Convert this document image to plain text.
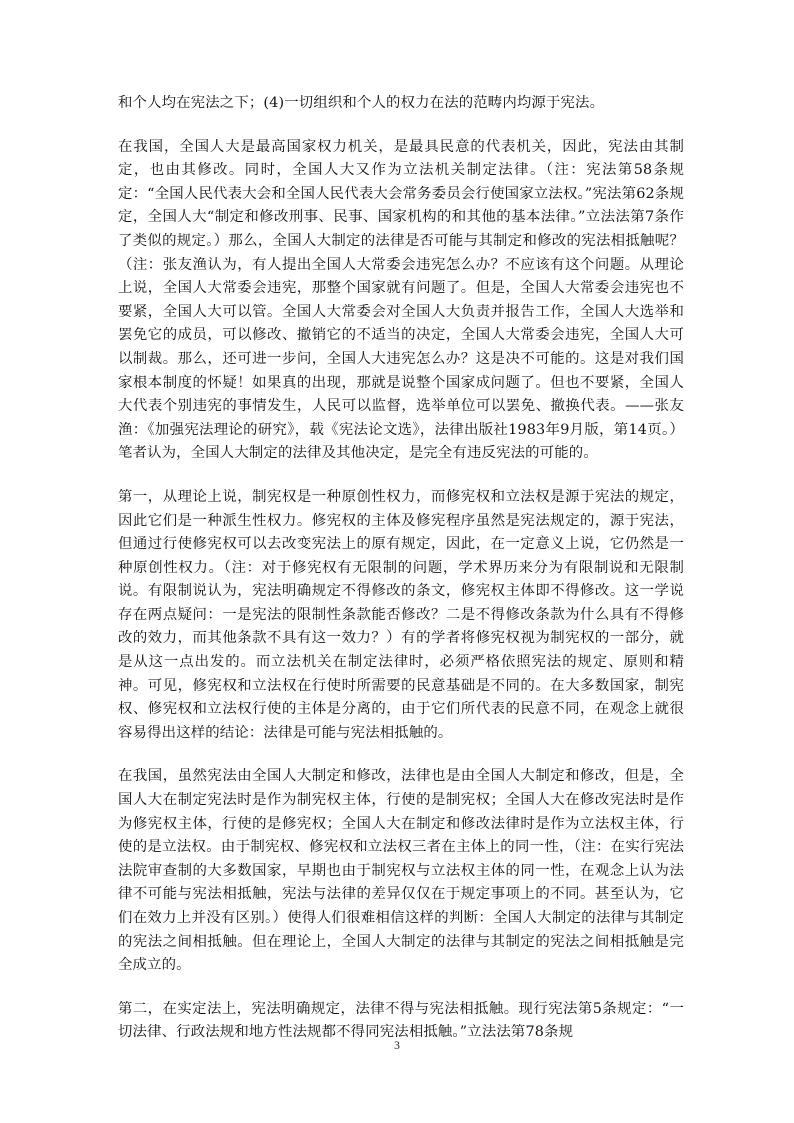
和个人均在宪法之下；(4)一切组织和个人的权力在法的范畴内均源于宪法。

在我国，全国人大是最高国家权力机关，是最具民意的代表机关，因此，宪法由其制定，也由其修改。同时，全国人大又作为立法机关制定法律。（注：宪法第58条规定：“全国人民代表大会和全国人民代表大会常务委员会行使国家立法权。”宪法第62条规定，全国人大“制定和修改刑事、民事、国家机构的和其他的基本法律。”立法法第7条作了类似的规定。）那么，全国人大制定的法律是否可能与其制定和修改的宪法相抵触呢？（注：张友渔认为，有人提出全国人大常委会违宪怎么办？不应该有这个问题。从理论上说，全国人大常委会违宪，那整个国家就有问题了。但是，全国人大常委会违宪也不要紧，全国人大可以管。全国人大常委会对全国人大负责并报告工作，全国人大选举和罢免它的成员，可以修改、撤销它的不适当的决定，全国人大常委会违宪，全国人大可以制裁。那么，还可进一步问，全国人大违宪怎么办？这是决不可能的。这是对我们国家根本制度的怀疑！如果真的出现，那就是说整个国家成问题了。但也不要紧，全国人大代表个别违宪的事情发生，人民可以监督，选举单位可以罢免、撤换代表。——张友渔：《加强宪法理论的研究》，载《宪法论文选》，法律出版社1983年9月版，第14页。）笔者认为，全国人大制定的法律及其他决定，是完全有违反宪法的可能的。

第一，从理论上说，制宪权是一种原创性权力，而修宪权和立法权是源于宪法的规定，因此它们是一种派生性权力。修宪权的主体及修宪程序虽然是宪法规定的，源于宪法，但通过行使修宪权可以去改变宪法上的原有规定，因此，在一定意义上说，它仍然是一种原创性权力。（注：对于修宪权有无限制的问题，学术界历来分为有限制说和无限制说。有限制说认为，宪法明确规定不得修改的条文，修宪权主体即不得修改。这一学说存在两点疑问：一是宪法的限制性条款能否修改？二是不得修改条款为什么具有不得修改的效力，而其他条款不具有这一效力？）有的学者将修宪权视为制宪权的一部分，就是从这一点出发的。而立法机关在制定法律时，必须严格依照宪法的规定、原则和精神。可见，修宪权和立法权在行使时所需要的民意基础是不同的。在大多数国家，制宪权、修宪权和立法权行使的主体是分离的，由于它们所代表的民意不同，在观念上就很容易得出这样的结论：法律是可能与宪法相抵触的。

在我国，虽然宪法由全国人大制定和修改，法律也是由全国人大制定和修改，但是，全国人大在制定宪法时是作为制宪权主体，行使的是制宪权；全国人大在修改宪法时是作为修宪权主体，行使的是修宪权；全国人大在制定和修改法律时是作为立法权主体，行使的是立法权。由于制宪权、修宪权和立法权三者在主体上的同一性，（注：在实行宪法法院审查制的大多数国家，早期也由于制宪权与立法权主体的同一性，在观念上认为法律不可能与宪法相抵触，宪法与法律的差异仅仅在于规定事项上的不同。甚至认为，它们在效力上并没有区别。）使得人们很难相信这样的判断：全国人大制定的法律与其制定的宪法之间相抵触。但在理论上，全国人大制定的法律与其制定的宪法之间相抵触是完全成立的。

第二，在实定法上，宪法明确规定，法律不得与宪法相抵触。现行宪法第5条规定：“一切法律、行政法规和地方性法规都不得同宪法相抵触。”立法法第78条规

3
